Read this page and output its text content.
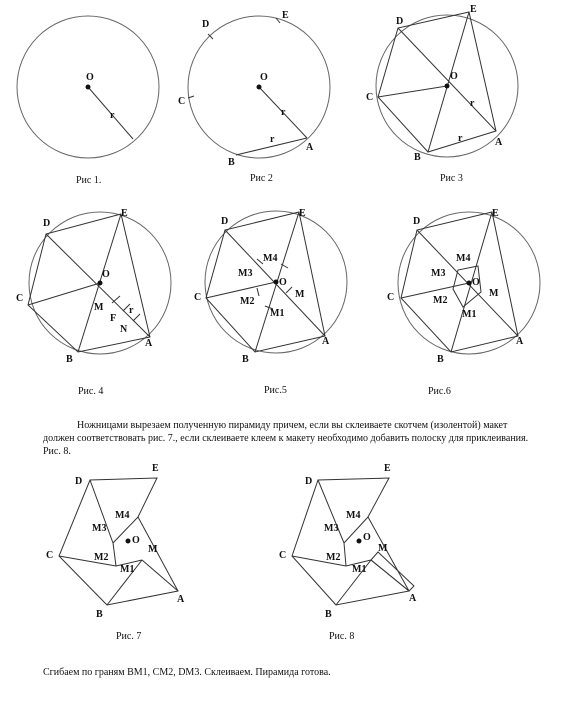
O
r
Рис 1.
O
r
r
A
B
C
D
E
Рис 2
O
r
r	A
B
C
D
E
Рис 3
O
r
A
B
C
D
E
M
F
N
Рис. 4
O
M
M1
M2
M3
M4
A
B
C
D
E
Рис.5
O
M
M1
M2
M3
M4
A
B
C
D
E
Рис.6
O
M
M1
M2
M3
M4
A
B
C
D
E
Рис. 7
O
M
M1
M2
M3
M4
A
B
C
D
E
Рис. 8
Ножницами вырезаем полученную пирамиду причем, если вы склеиваете скотчем (изолентой) макет должен соответствовать рис. 7., если склеиваете клеем к макету необходимо добавить полоску для приклеивания. Рис. 8.
Сгибаем по граням ВМ1, СМ2, DM3. Склеиваем. Пирамида готова.
